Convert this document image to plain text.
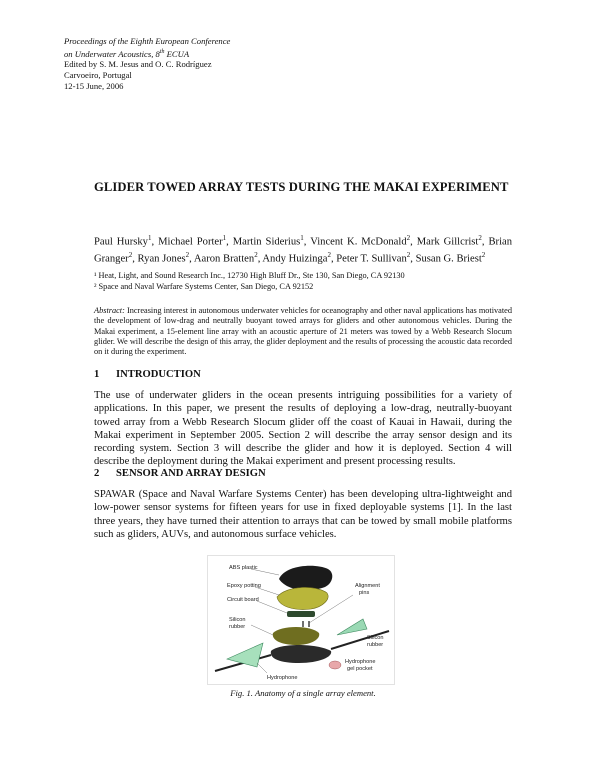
Proceedings of the Eighth European Conference
on Underwater Acoustics, 8th ECUA
Edited by S. M. Jesus and O. C. Rodríguez
Carvoeiro, Portugal
12-15 June, 2006
GLIDER TOWED ARRAY TESTS DURING THE MAKAI EXPERIMENT
Paul Hursky$^1$, Michael Porter$^1$, Martin Siderius$^1$, Vincent K. McDonald$^2$, Mark Gillcrist$^2$, Brian Granger$^2$, Ryan Jones$^2$, Aaron Bratten$^2$, Andy Huizinga$^2$, Peter T. Sullivan$^2$, Susan G. Briest$^2$
¹ Heat, Light, and Sound Research Inc., 12730 High Bluff Dr., Ste 130, San Diego, CA 92130
² Space and Naval Warfare Systems Center, San Diego, CA 92152
Abstract: Increasing interest in autonomous underwater vehicles for oceanography and other naval applications has motivated the development of low-drag and neutrally buoyant towed arrays for gliders and other autonomous vehicles. During the Makai experiment, a 15-element line array with an acoustic aperture of 21 meters was towed by a Webb Research Slocum glider. We will describe the design of this array, the glider deployment and the results of processing the acoustic data recorded on it during the experiment.
1 INTRODUCTION
The use of underwater gliders in the ocean presents intriguing possibilities for a variety of applications. In this paper, we present the results of deploying a low-drag, neutrally-buoyant towed array from a Webb Research Slocum glider off the coast of Kauai in Hawaii, during the Makai experiment in September 2005. Section 2 will describe the array sensor design and its recording system. Section 3 will describe the glider and how it is deployed. Section 4 will describe the deployment during the Makai experiment and present processing results.
2 SENSOR AND ARRAY DESIGN
SPAWAR (Space and Naval Warfare Systems Center) has been developing ultra-lightweight and low-power sensor systems for fifteen years for use in fixed deployable systems [1]. In the last three years, they have turned their attention to arrays that can be towed by small mobile platforms such as gliders, AUVs, and autonomous surface vehicles.
ABS plastic
Epoxy potting
Circuit board
Alignment
pins
Silicon
rubber
Silicon
rubber
Hydrophone
Hydrophone
gel pocket
Fig. 1. Anatomy of a single array element.
